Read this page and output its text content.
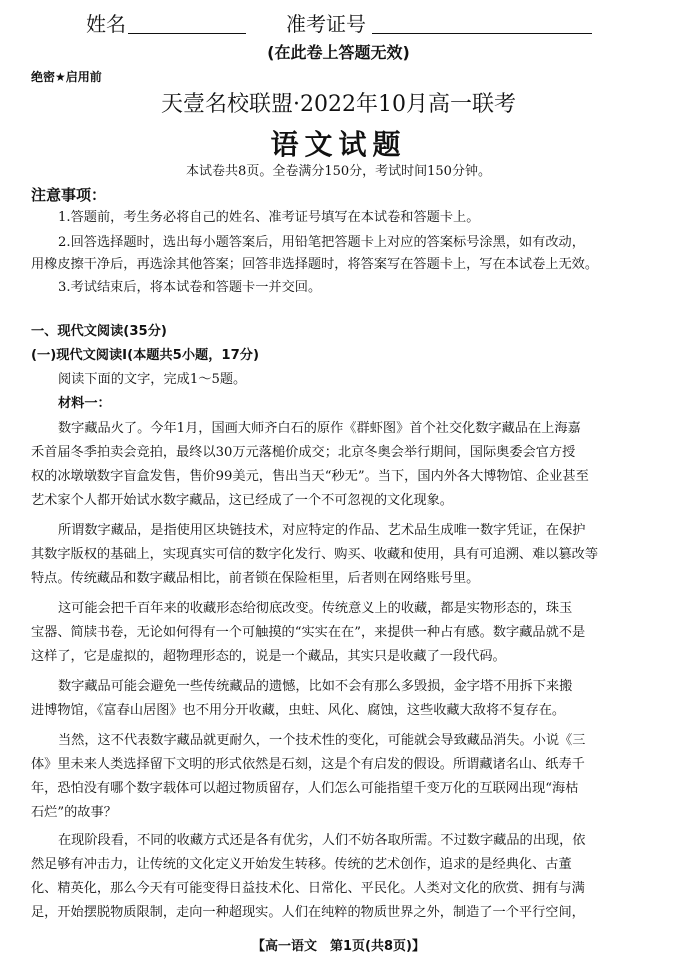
姓名	准考证号
(在此卷上答题无效)
绝密★启用前
天壹名校联盟·2022年10月高一联考
语文试题
本试卷共8页。全卷满分150分，考试时间150分钟。
注意事项：
1.答题前，考生务必将自己的姓名、准考证号填写在本试卷和答题卡上。
2.回答选择题时，选出每小题答案后，用铅笔把答题卡上对应的答案标号涂黑，如有改动，
用橡皮擦干净后，再选涂其他答案；回答非选择题时，将答案写在答题卡上，写在本试卷上无效。
3.考试结束后，将本试卷和答题卡一并交回。
一、现代文阅读(35分)
(一)现代文阅读Ⅰ(本题共5小题，17分)
阅读下面的文字，完成1～5题。
材料一：
数字藏品火了。今年1月，国画大师齐白石的原作《群虾图》首个社交化数字藏品在上海嘉
禾首届冬季拍卖会竞拍，最终以30万元落槌价成交；北京冬奥会举行期间，国际奥委会官方授
权的冰墩墩数字盲盒发售，售价99美元，售出当天“秒无”。当下，国内外各大博物馆、企业甚至
艺术家个人都开始试水数字藏品，这已经成了一个不可忽视的文化现象。
所谓数字藏品，是指使用区块链技术，对应特定的作品、艺术品生成唯一数字凭证，在保护
其数字版权的基础上，实现真实可信的数字化发行、购买、收藏和使用，具有可追溯、难以篡改等
特点。传统藏品和数字藏品相比，前者锁在保险柜里，后者则在网络账号里。
这可能会把千百年来的收藏形态给彻底改变。传统意义上的收藏，都是实物形态的，珠玉
宝器、简牍书卷，无论如何得有一个可触摸的“实实在在”，来提供一种占有感。数字藏品就不是
这样了，它是虚拟的，超物理形态的，说是一个藏品，其实只是收藏了一段代码。
数字藏品可能会避免一些传统藏品的遗憾，比如不会有那么多毁损，金字塔不用拆下来搬
进博物馆，《富春山居图》也不用分开收藏，虫蛀、风化、腐蚀，这些收藏大敌将不复存在。
当然，这不代表数字藏品就更耐久，一个技术性的变化，可能就会导致藏品消失。小说《三
体》里未来人类选择留下文明的形式依然是石刻，这是个有启发的假设。所谓藏诸名山、纸寿千
年，恐怕没有哪个数字载体可以超过物质留存，人们怎么可能指望千变万化的互联网出现“海枯
石烂”的故事？
在现阶段看，不同的收藏方式还是各有优劣，人们不妨各取所需。不过数字藏品的出现，依
然足够有冲击力，让传统的文化定义开始发生转移。传统的艺术创作，追求的是经典化、古董
化、精英化，那么今天有可能变得日益技术化、日常化、平民化。人类对文化的欣赏、拥有与满
足，开始摆脱物质限制，走向一种超现实。人们在纯粹的物质世界之外，制造了一个平行空间，
【高一语文　第1页(共8页)】
